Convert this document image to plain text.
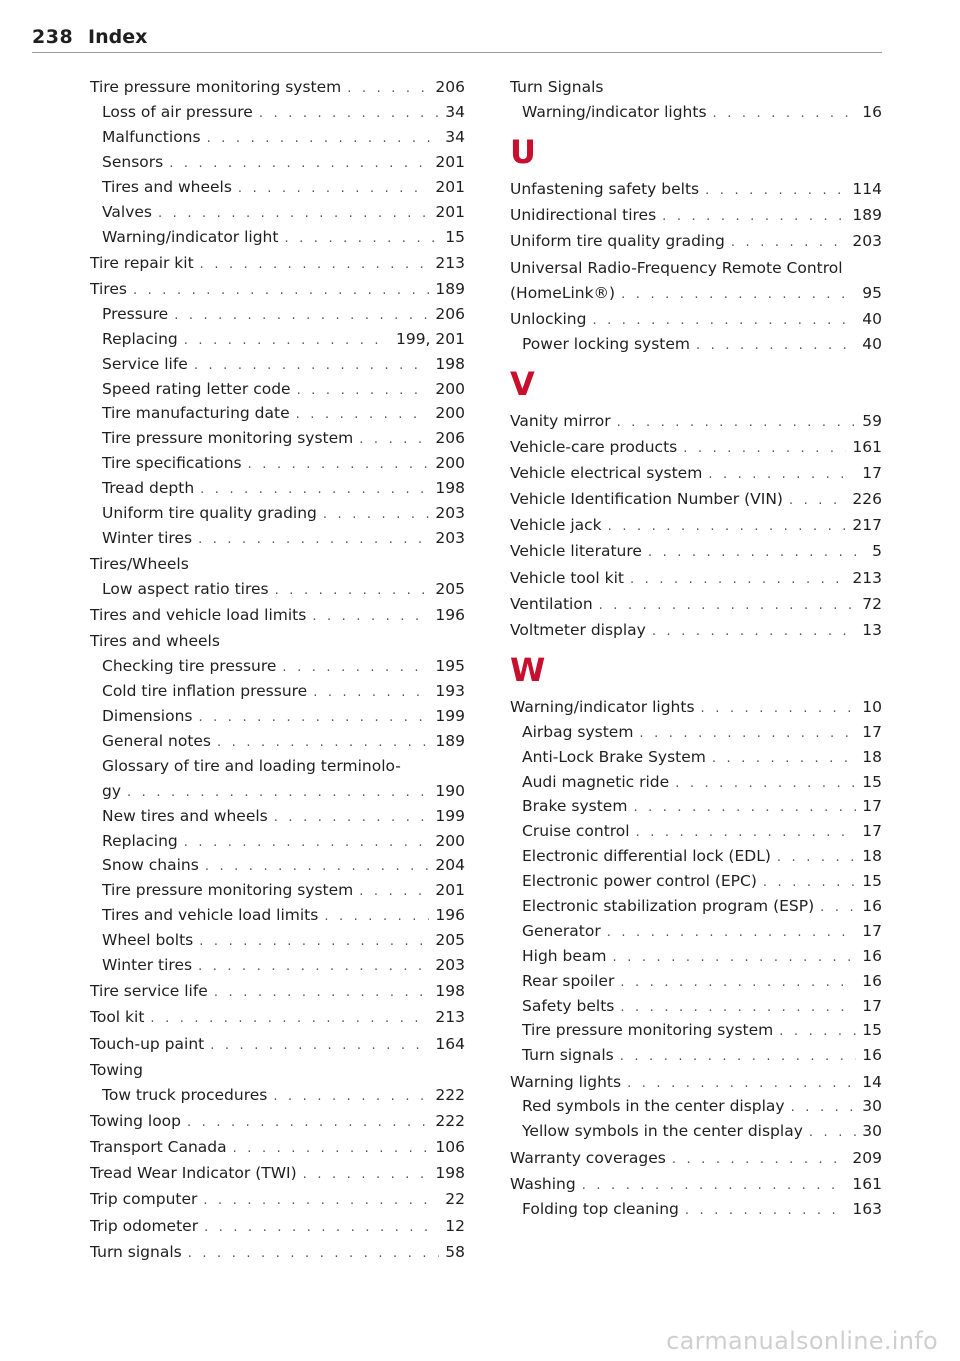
238 Index
Tire pressure monitoring system . . .	206
Loss of air pressure . . .	34
Malfunctions . . .	34
Sensors . . .	201
Tires and wheels . . .	201
Valves . . .	201
Warning/indicator light . . .	15
Tire repair kit . . .	213
Tires . . .	189
Pressure . . .	206
Replacing . . .	199, 201
Service life . . .	198
Speed rating letter code . . .	200
Tire manufacturing date . . .	200
Tire pressure monitoring system . . .	206
Tire specifications . . .	200
Tread depth . . .	198
Uniform tire quality grading . . .	203
Winter tires . . .	203
Tires/Wheels
Low aspect ratio tires . . .	205
Tires and vehicle load limits . . .	196
Tires and wheels
Checking tire pressure . . .	195
Cold tire inflation pressure . . .	193
Dimensions . . .	199
General notes . . .	189
Glossary of tire and loading terminolo-
gy . . .	190
New tires and wheels . . .	199
Replacing . . .	200
Snow chains . . .	204
Tire pressure monitoring system . . .	201
Tires and vehicle load limits . . .	196
Wheel bolts . . .	205
Winter tires . . .	203
Tire service life . . .	198
Tool kit . . .	213
Touch-up paint . . .	164
Towing
Tow truck procedures . . .	222
Towing loop . . .	222
Transport Canada . . .	106
Tread Wear Indicator (TWI) . . .	198
Trip computer . . .	22
Trip odometer . . .	12
Turn signals . . .	58
Turn Signals
Warning/indicator lights . . .	16
U
Unfastening safety belts . . .	114
Unidirectional tires . . .	189
Uniform tire quality grading . . .	203
Universal Radio-Frequency Remote Control
(HomeLink®) . . .	95
Unlocking . . .	40
Power locking system . . .	40
V
Vanity mirror . . .	59
Vehicle-care products . . .	161
Vehicle electrical system . . .	17
Vehicle Identification Number (VIN) . . .	226
Vehicle jack . . .	217
Vehicle literature . . .	5
Vehicle tool kit . . .	213
Ventilation . . .	72
Voltmeter display . . .	13
W
Warning/indicator lights . . .	10
Airbag system . . .	17
Anti-Lock Brake System . . .	18
Audi magnetic ride . . .	15
Brake system . . .	17
Cruise control . . .	17
Electronic differential lock (EDL) . . .	18
Electronic power control (EPC) . . .	15
Electronic stabilization program (ESP) . . .	16
Generator . . .	17
High beam . . .	16
Rear spoiler . . .	16
Safety belts . . .	17
Tire pressure monitoring system . . .	15
Turn signals . . .	16
Warning lights . . .	14
Red symbols in the center display . . .	30
Yellow symbols in the center display . . .	30
Warranty coverages . . .	209
Washing . . .	161
Folding top cleaning . . .	163
carmanualsonline.info
